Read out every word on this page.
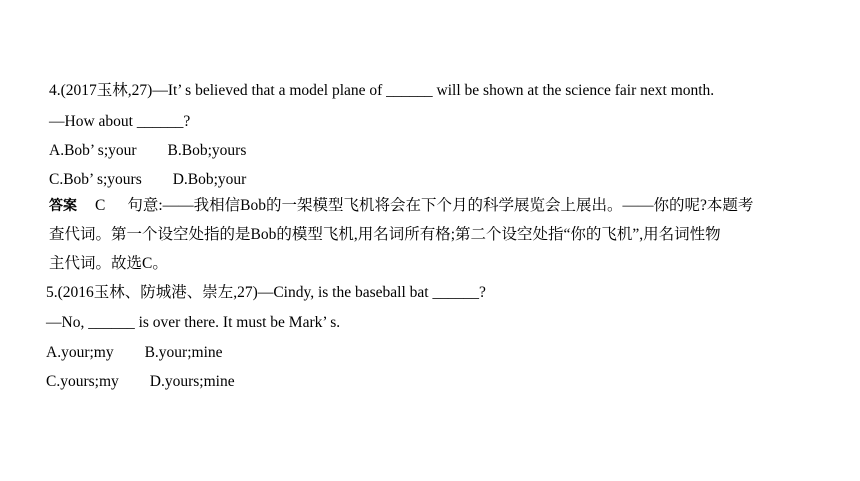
4.(2017玉林,27)—It’ s believed that a model plane of ______ will be shown at the science fair next month.
—How about ______?
A.Bob’ s;your        B.Bob;yours
C.Bob’ s;yours        D.Bob;your
答案 C 句意:——我相信Bob的一架模型飞机将会在下个月的科学展览会上展出。——你的呢?本题考
查代词。第一个设空处指的是Bob的模型飞机,用名词所有格;第二个设空处指“你的飞机”,用名词性物
主代词。故选C。
5.(2016玉林、防城港、崇左,27)—Cindy, is the baseball bat ______?
—No, ______ is over there. It must be Mark’ s.
A.your;my        B.your;mine
C.yours;my        D.yours;mine
